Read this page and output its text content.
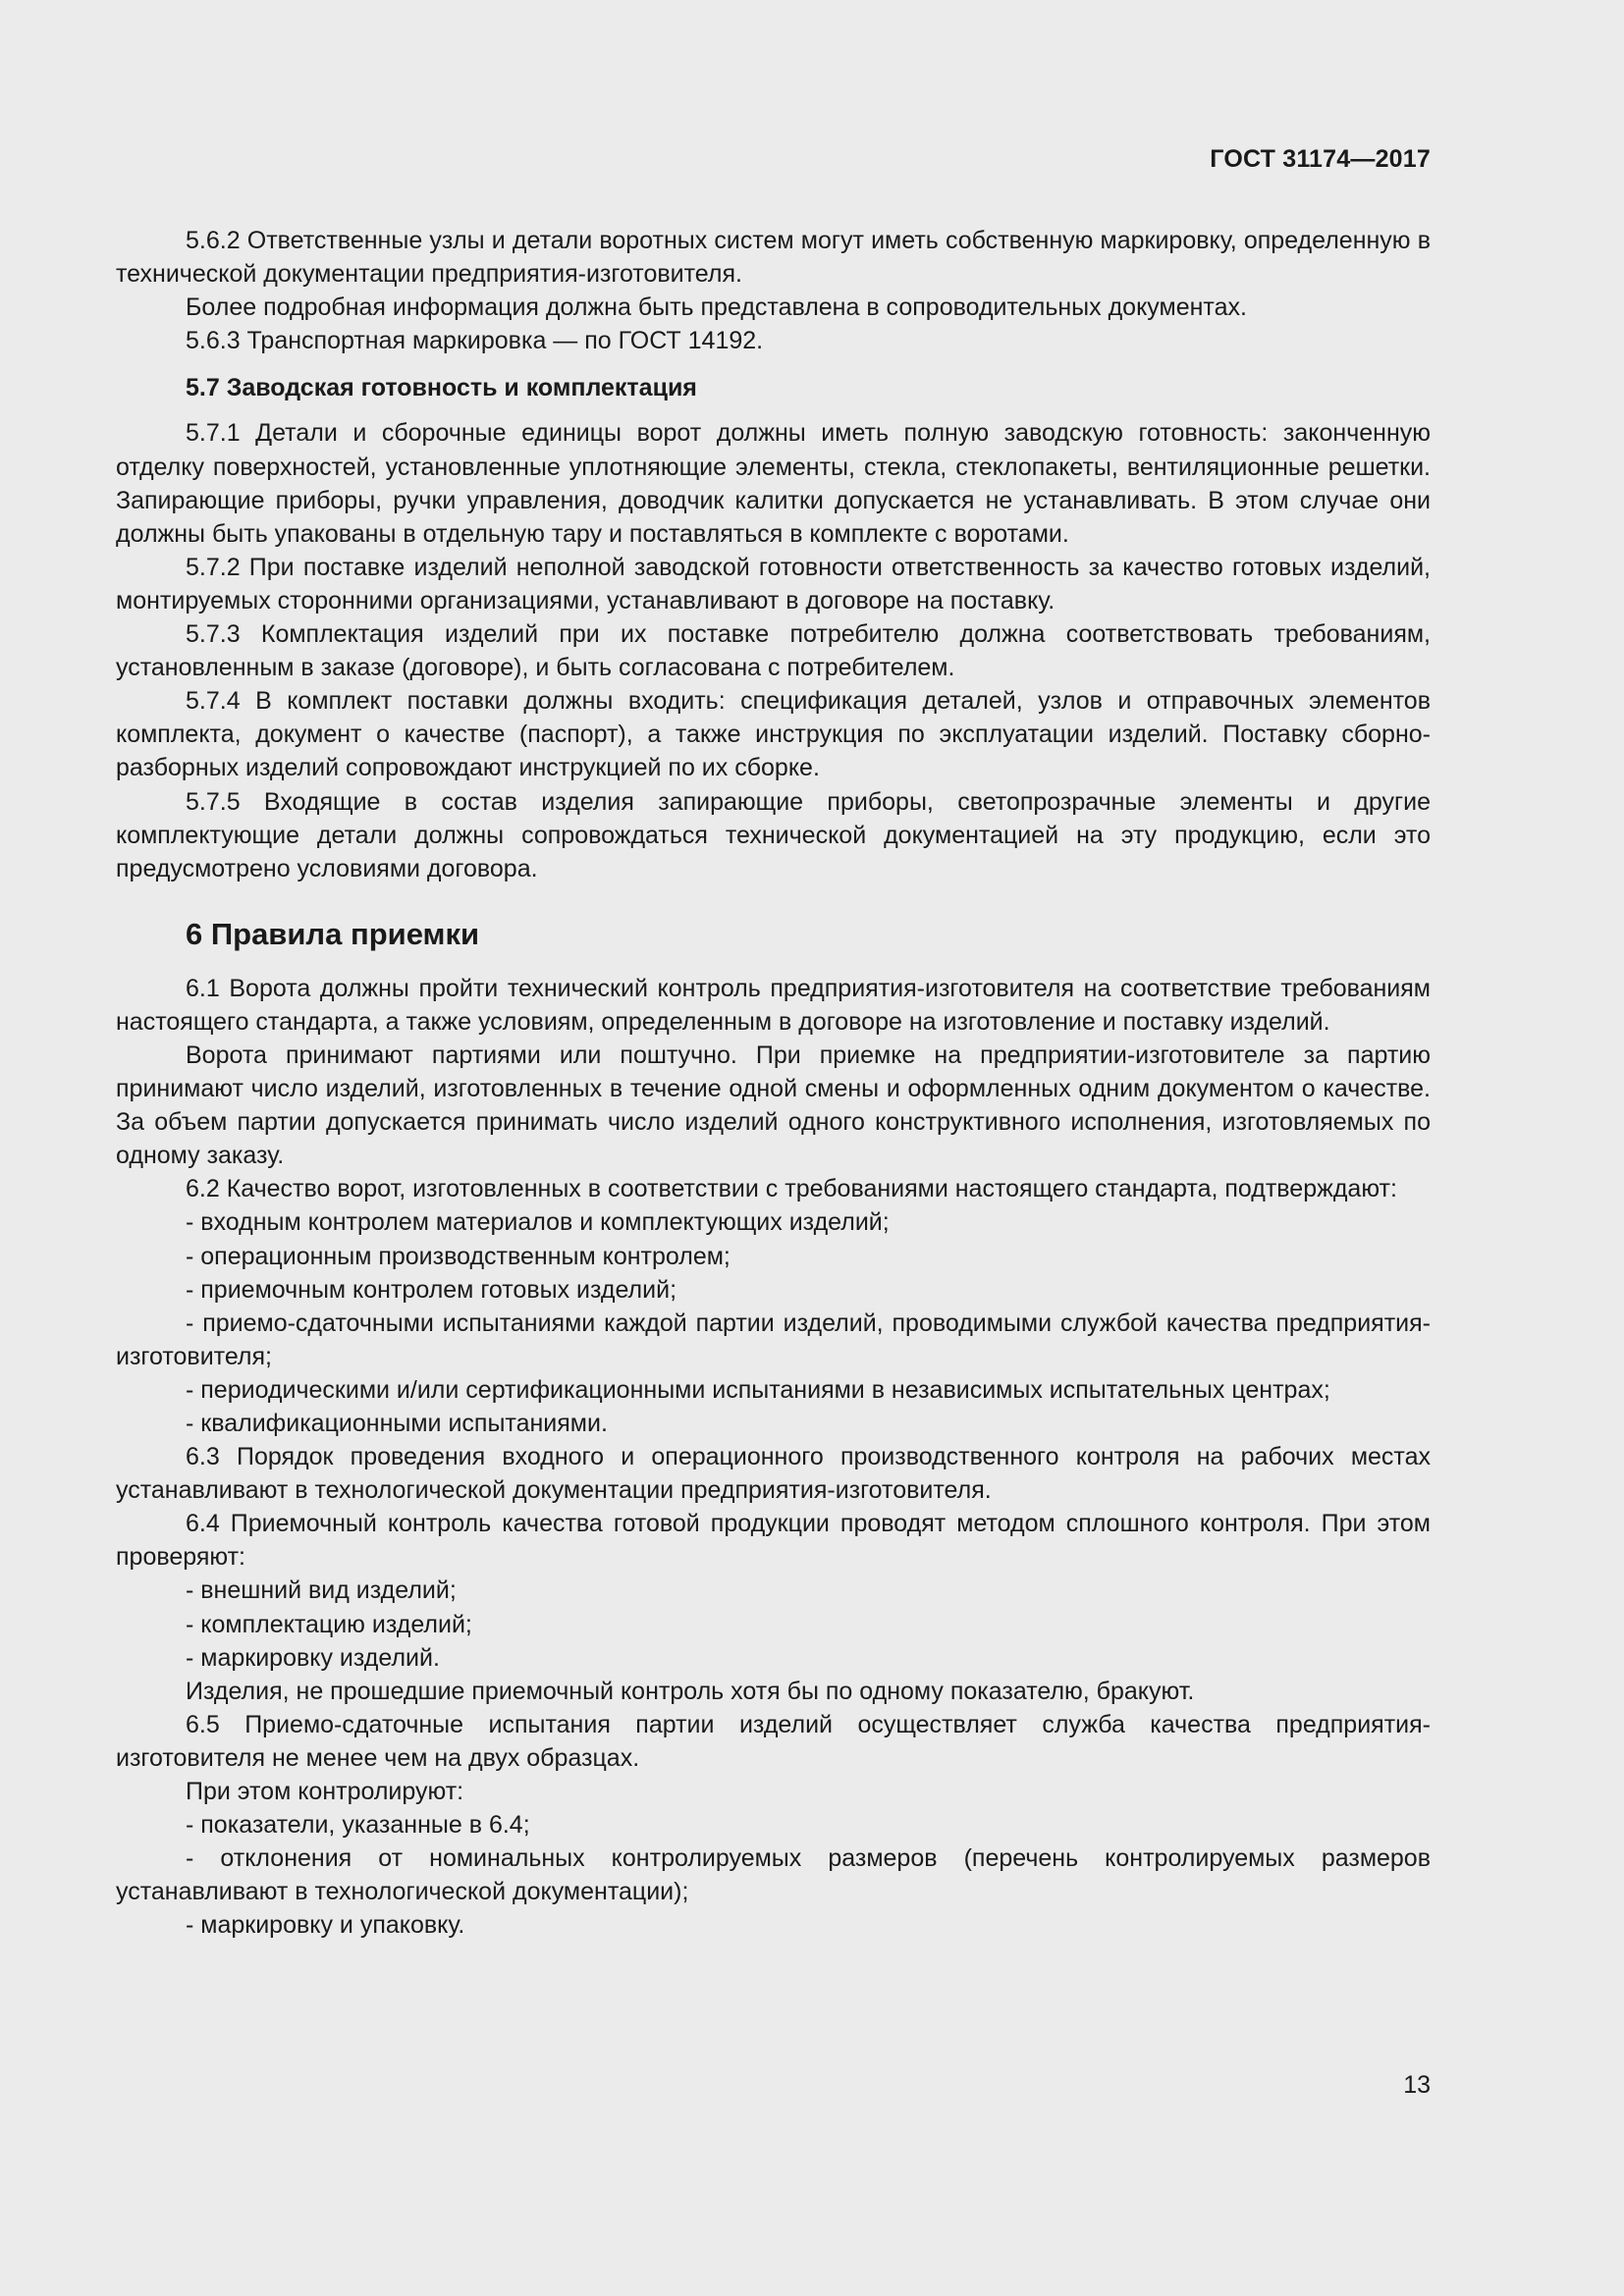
ГОСТ 31174—2017

5.6.2 Ответственные узлы и детали воротных систем могут иметь собственную маркировку, определенную в технической документации предприятия-изготовителя.

Более подробная информация должна быть представлена в сопроводительных документах.

5.6.3 Транспортная маркировка — по ГОСТ 14192.

5.7 Заводская готовность и комплектация

5.7.1 Детали и сборочные единицы ворот должны иметь полную заводскую готовность: законченную отделку поверхностей, установленные уплотняющие элементы, стекла, стеклопакеты, вентиляционные решетки. Запирающие приборы, ручки управления, доводчик калитки допускается не устанавливать. В этом случае они должны быть упакованы в отдельную тару и поставляться в комплекте с воротами.

5.7.2 При поставке изделий неполной заводской готовности ответственность за качество готовых изделий, монтируемых сторонними организациями, устанавливают в договоре на поставку.

5.7.3 Комплектация изделий при их поставке потребителю должна соответствовать требованиям, установленным в заказе (договоре), и быть согласована с потребителем.

5.7.4 В комплект поставки должны входить: спецификация деталей, узлов и отправочных элементов комплекта, документ о качестве (паспорт), а также инструкция по эксплуатации изделий. Поставку сборно-разборных изделий сопровождают инструкцией по их сборке.

5.7.5 Входящие в состав изделия запирающие приборы, светопрозрачные элементы и другие комплектующие детали должны сопровождаться технической документацией на эту продукцию, если это предусмотрено условиями договора.

6 Правила приемки

6.1 Ворота должны пройти технический контроль предприятия-изготовителя на соответствие требованиям настоящего стандарта, а также условиям, определенным в договоре на изготовление и поставку изделий.

Ворота принимают партиями или поштучно. При приемке на предприятии-изготовителе за партию принимают число изделий, изготовленных в течение одной смены и оформленных одним документом о качестве. За объем партии допускается принимать число изделий одного конструктивного исполнения, изготовляемых по одному заказу.

6.2 Качество ворот, изготовленных в соответствии с требованиями настоящего стандарта, подтверждают:

- входным контролем материалов и комплектующих изделий;

- операционным производственным контролем;

- приемочным контролем готовых изделий;

- приемо-сдаточными испытаниями каждой партии изделий, проводимыми службой качества предприятия-изготовителя;

- периодическими и/или сертификационными испытаниями в независимых испытательных центрах;

- квалификационными испытаниями.

6.3 Порядок проведения входного и операционного производственного контроля на рабочих местах устанавливают в технологической документации предприятия-изготовителя.

6.4 Приемочный контроль качества готовой продукции проводят методом сплошного контроля. При этом проверяют:

- внешний вид изделий;

- комплектацию изделий;

- маркировку изделий.

Изделия, не прошедшие приемочный контроль хотя бы по одному показателю, бракуют.

6.5 Приемо-сдаточные испытания партии изделий осуществляет служба качества предприятия-изготовителя не менее чем на двух образцах.

При этом контролируют:

- показатели, указанные в 6.4;

- отклонения от номинальных контролируемых размеров (перечень контролируемых размеров устанавливают в технологической документации);

- маркировку и упаковку.

13
